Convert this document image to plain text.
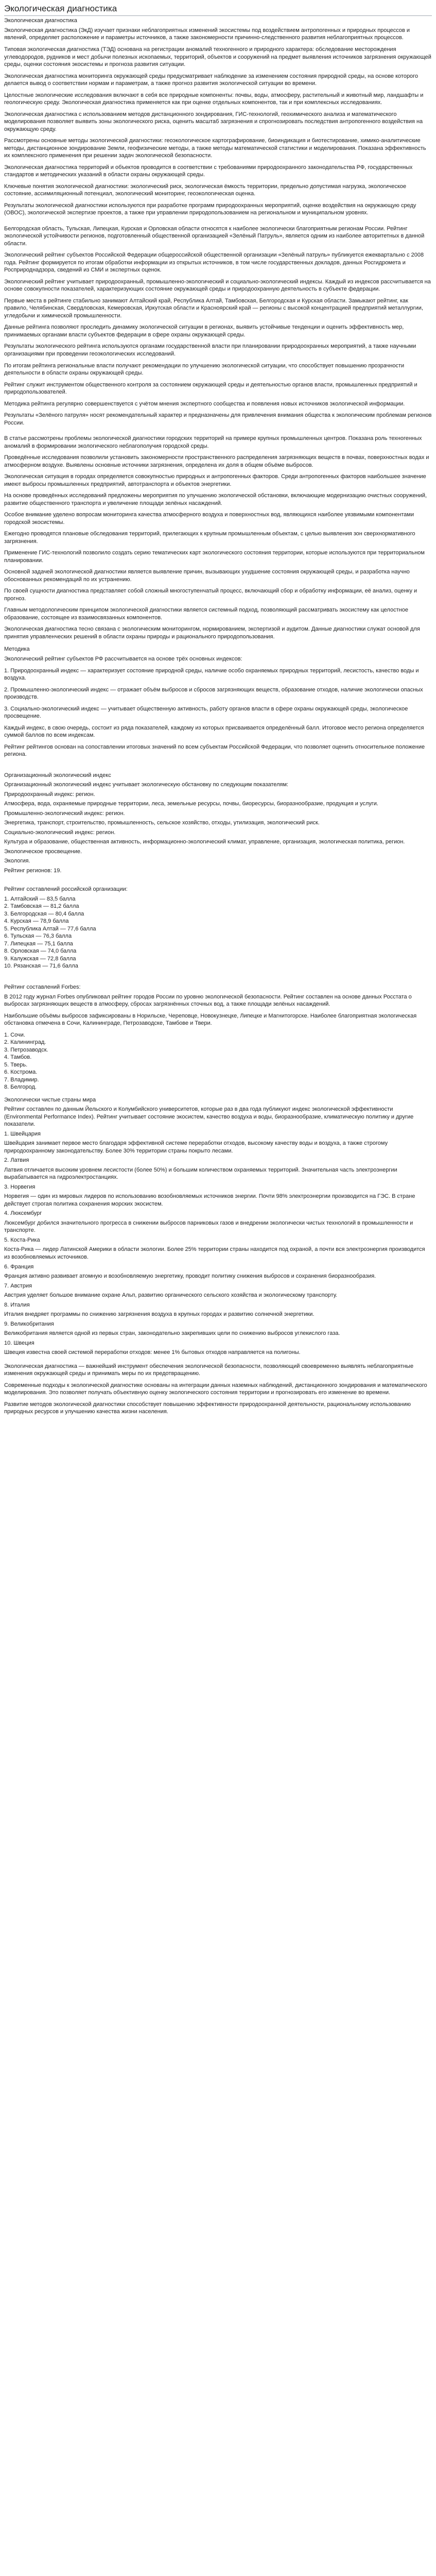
Экологическая диагностика
Экологическая диагностика

Экологическая диагностика (ЭкД) изучает признаки неблагоприятных изменений экосистемы под воздействием антропогенных и природных процессов и явлений, определяет расположение и параметры источников, а также закономерности причинно-следственного развития неблагоприятных процессов.

Типовая экологическая диагностика (ТЭД) основана на регистрации аномалий техногенного и природного характера: обследование месторождения углеводородов, рудников и мест добычи полезных ископаемых, территорий, объектов и сооружений на предмет выявления источников загрязнения окружающей среды, оценки состояния экосистемы и прогноза развития ситуации.

Экологическая диагностика мониторинга окружающей среды предусматривает наблюдение за изменением состояния природной среды, на основе которого делается вывод о соответствии нормам и параметрам, а также прогноз развития экологической ситуации во времени.

Целостные экологические исследования включают в себя все природные компоненты: почвы, воды, атмосферу, растительный и животный мир, ландшафты и геологическую среду. Экологическая диагностика применяется как при оценке отдельных компонентов, так и при комплексных исследованиях.

Экологическая диагностика с использованием методов дистанционного зондирования, ГИС-технологий, геохимического анализа и математического моделирования позволяет выявить зоны экологического риска, оценить масштаб загрязнения и спрогнозировать последствия антропогенного воздействия на окружающую среду.

Рассмотрены основные методы экологической диагностики: геоэкологическое картографирование, биоиндикация и биотестирование, химико-аналитические методы, дистанционное зондирование Земли, геофизические методы, а также методы математической статистики и моделирования. Показана эффективность их комплексного применения при решении задач экологической безопасности.

Экологическая диагностика территорий и объектов проводится в соответствии с требованиями природоохранного законодательства РФ, государственных стандартов и методических указаний в области охраны окружающей среды.

Ключевые понятия экологической диагностики: экологический риск, экологическая ёмкость территории, предельно допустимая нагрузка, экологическое состояние, ассимиляционный потенциал, экологический мониторинг, геоэкологическая оценка.

Результаты экологической диагностики используются при разработке программ природоохранных мероприятий, оценке воздействия на окружающую среду (ОВОС), экологической экспертизе проектов, а также при управлении природопользованием на региональном и муниципальном уровнях.

Белгородская область, Тульская, Липецкая, Курская и Орловская области относятся к наиболее экологически благоприятным регионам России. Рейтинг экологической устойчивости регионов, подготовленный общественной организацией «Зелёный Патруль», является одним из наиболее авторитетных в данной области.

Экологический рейтинг субъектов Российской Федерации общероссийской общественной организации «Зелёный патруль» публикуется ежеквартально с 2008 года. Рейтинг формируется по итогам обработки информации из открытых источников, в том числе государственных докладов, данных Росгидромета и Росприроднадзора, сведений из СМИ и экспертных оценок.

Экологический рейтинг учитывает природоохранный, промышленно-экологический и социально-экологический индексы. Каждый из индексов рассчитывается на основе совокупности показателей, характеризующих состояние окружающей среды и природоохранную деятельность в субъекте федерации.

Первые места в рейтинге стабильно занимают Алтайский край, Республика Алтай, Тамбовская, Белгородская и Курская области. Замыкают рейтинг, как правило, Челябинская, Свердловская, Кемеровская, Иркутская области и Красноярский край — регионы с высокой концентрацией предприятий металлургии, угледобычи и химической промышленности.

Данные рейтинга позволяют проследить динамику экологической ситуации в регионах, выявить устойчивые тенденции и оценить эффективность мер, принимаемых органами власти субъектов федерации в сфере охраны окружающей среды.

Результаты экологического рейтинга используются органами государственной власти при планировании природоохранных мероприятий, а также научными организациями при проведении геоэкологических исследований.

По итогам рейтинга региональные власти получают рекомендации по улучшению экологической ситуации, что способствует повышению прозрачности деятельности в области охраны окружающей среды.

Рейтинг служит инструментом общественного контроля за состоянием окружающей среды и деятельностью органов власти, промышленных предприятий и природопользователей.

Методика рейтинга регулярно совершенствуется с учётом мнения экспертного сообщества и появления новых источников экологической информации.

Результаты «Зелёного патруля» носят рекомендательный характер и предназначены для привлечения внимания общества к экологическим проблемам регионов России.

В статье рассмотрены проблемы экологической диагностики городских территорий на примере крупных промышленных центров. Показана роль техногенных аномалий в формировании экологического неблагополучия городской среды.

Проведённые исследования позволили установить закономерности пространственного распределения загрязняющих веществ в почвах, поверхностных водах и атмосферном воздухе. Выявлены основные источники загрязнения, определена их доля в общем объёме выбросов.

Экологическая ситуация в городах определяется совокупностью природных и антропогенных факторов. Среди антропогенных факторов наибольшее значение имеют выбросы промышленных предприятий, автотранспорта и объектов энергетики.

На основе проведённых исследований предложены мероприятия по улучшению экологической обстановки, включающие модернизацию очистных сооружений, развитие общественного транспорта и увеличение площади зелёных насаждений.

Особое внимание уделено вопросам мониторинга качества атмосферного воздуха и поверхностных вод, являющихся наиболее уязвимыми компонентами городской экосистемы.

Ежегодно проводятся плановые обследования территорий, прилегающих к крупным промышленным объектам, с целью выявления зон сверхнормативного загрязнения.

Применение ГИС-технологий позволило создать серию тематических карт экологического состояния территории, которые используются при территориальном планировании.

Основной задачей экологической диагностики является выявление причин, вызывающих ухудшение состояния окружающей среды, и разработка научно обоснованных рекомендаций по их устранению.

По своей сущности диагностика представляет собой сложный многоступенчатый процесс, включающий сбор и обработку информации, её анализ, оценку и прогноз.

Главным методологическим принципом экологической диагностики является системный подход, позволяющий рассматривать экосистему как целостное образование, состоящее из взаимосвязанных компонентов.

Экологическая диагностика тесно связана с экологическим мониторингом, нормированием, экспертизой и аудитом. Данные диагностики служат основой для принятия управленческих решений в области охраны природы и рационального природопользования.

Методика

Экологический рейтинг субъектов РФ рассчитывается на основе трёх основных индексов:

1. Природоохранный индекс — характеризует состояние природной среды, наличие особо охраняемых природных территорий, лесистость, качество воды и воздуха.

2. Промышленно-экологический индекс — отражает объём выбросов и сбросов загрязняющих веществ, образование отходов, наличие экологически опасных производств.

3. Социально-экологический индекс — учитывает общественную активность, работу органов власти в сфере охраны окружающей среды, экологическое просвещение.

Каждый индекс, в свою очередь, состоит из ряда показателей, каждому из которых присваивается определённый балл. Итоговое место региона определяется суммой баллов по всем индексам.

Рейтинг рейтингов основан на сопоставлении итоговых значений по всем субъектам Российской Федерации, что позволяет оценить относительное положение региона.

Организационный экологический индекс

Организационный экологический индекс учитывает экологическую обстановку по следующим показателям:

Природоохранный индекс: регион.

Атмосфера, вода, охраняемые природные территории, леса, земельные ресурсы, почвы, биоресурсы, биоразнообразие, продукция и услуги.

Промышленно-экологический индекс: регион.

Энергетика, транспорт, строительство, промышленность, сельское хозяйство, отходы, утилизация, экологический риск.

Социально-экологический индекс: регион.

Культура и образование, общественная активность, информационно-экологический климат, управление, организация, экологическая политика, регион.

Экологическое просвещение.

Экология.

Рейтинг регионов: 19.

Рейтинг составлений российской организации:
1. Алтайский — 83,5 балла
2. Тамбовская — 81,2 балла
3. Белгородская — 80,4 балла
4. Курская — 78,9 балла
5. Республика Алтай — 77,6 балла
6. Тульская — 76,3 балла
7. Липецкая — 75,1 балла
8. Орловская — 74,0 балла
9. Калужская — 72,8 балла
10. Рязанская — 71,6 балла
Рейтинг составлений Forbes:

В 2012 году журнал Forbes опубликовал рейтинг городов России по уровню экологической безопасности. Рейтинг составлен на основе данных Росстата о выбросах загрязняющих веществ в атмосферу, сбросах загрязнённых сточных вод, а также площади зелёных насаждений.

Наибольшие объёмы выбросов зафиксированы в Норильске, Череповце, Новокузнецке, Липецке и Магнитогорске. Наиболее благоприятная экологическая обстановка отмечена в Сочи, Калининграде, Петрозаводске, Тамбове и Твери.

1. Сочи.
2. Калининград.
3. Петрозаводск.
4. Тамбов.
5. Тверь.
6. Кострома.
7. Владимир.
8. Белгород.
Экологически чистые страны мира

Рейтинг составлен по данным Йельского и Колумбийского университетов, которые раз в два года публикуют индекс экологической эффективности (Environmental Performance Index). Рейтинг учитывает состояние экосистем, качество воздуха и воды, биоразнообразие, климатическую политику и другие показатели.

1. Швейцария

Швейцария занимает первое место благодаря эффективной системе переработки отходов, высокому качеству воды и воздуха, а также строгому природоохранному законодательству. Более 30% территории страны покрыто лесами.

2. Латвия

Латвия отличается высоким уровнем лесистости (более 50%) и большим количеством охраняемых территорий. Значительная часть электроэнергии вырабатывается на гидроэлектростанциях.

3. Норвегия

Норвегия — один из мировых лидеров по использованию возобновляемых источников энергии. Почти 98% электроэнергии производится на ГЭС. В стране действует строгая политика сохранения морских экосистем.

4. Люксембург

Люксембург добился значительного прогресса в снижении выбросов парниковых газов и внедрении экологически чистых технологий в промышленности и транспорте.

5. Коста-Рика

Коста-Рика — лидер Латинской Америки в области экологии. Более 25% территории страны находится под охраной, а почти вся электроэнергия производится из возобновляемых источников.

6. Франция

Франция активно развивает атомную и возобновляемую энергетику, проводит политику снижения выбросов и сохранения биоразнообразия.

7. Австрия

Австрия уделяет большое внимание охране Альп, развитию органического сельского хозяйства и экологическому транспорту.

8. Италия

Италия внедряет программы по снижению загрязнения воздуха в крупных городах и развитию солнечной энергетики.

9. Великобритания

Великобритания является одной из первых стран, законодательно закрепивших цели по снижению выбросов углекислого газа.

10. Швеция

Швеция известна своей системой переработки отходов: менее 1% бытовых отходов направляется на полигоны.

Экологическая диагностика — важнейший инструмент обеспечения экологической безопасности, позволяющий своевременно выявлять неблагоприятные изменения окружающей среды и принимать меры по их предотвращению.

Современные подходы к экологической диагностике основаны на интеграции данных наземных наблюдений, дистанционного зондирования и математического моделирования. Это позволяет получать объективную оценку экологического состояния территории и прогнозировать его изменение во времени.

Развитие методов экологической диагностики способствует повышению эффективности природоохранной деятельности, рациональному использованию природных ресурсов и улучшению качества жизни населения.
